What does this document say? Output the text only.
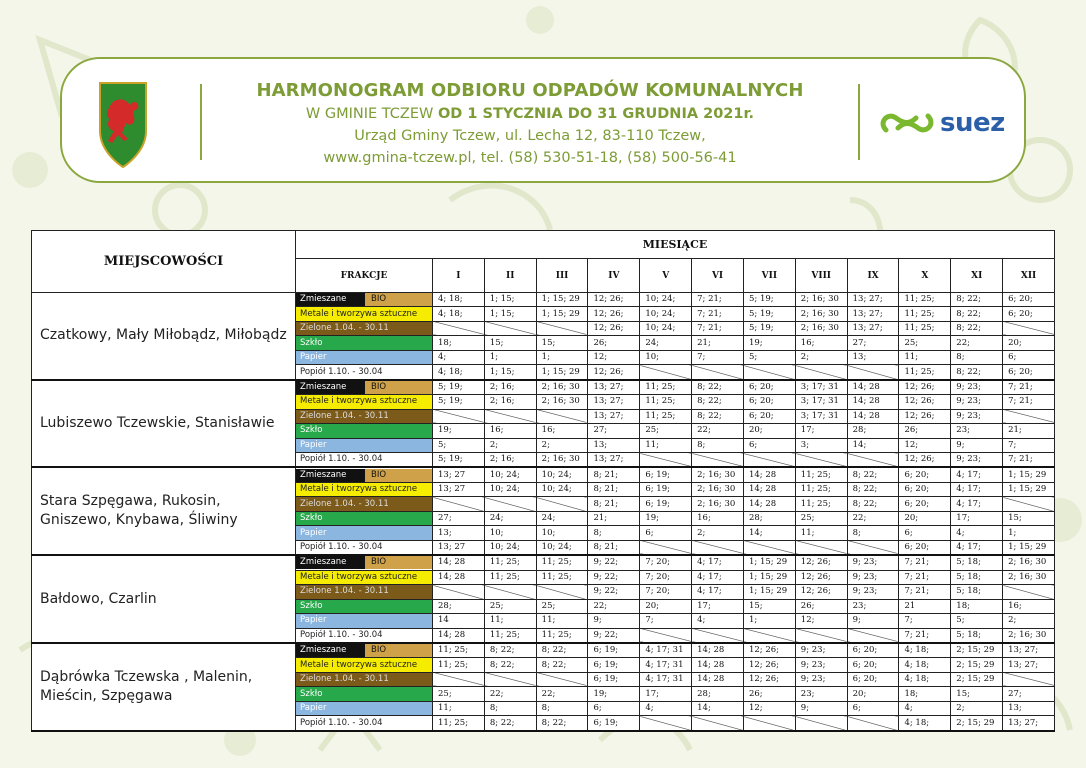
HARMONOGRAM ODBIORU ODPADÓW KOMUNALNYCH
W GMINIE TCZEW OD 1 STYCZNIA DO 31 GRUDNIA 2021r.
Urząd Gminy Tczew, ul. Lecha 12, 83-110 Tczew,
www.gmina-tczew.pl, tel. (58) 530-51-18, (58) 500-56-41
suez
MIEJSCOWOŚCI	MIESIĄCE												
	FRAKCJE	I	II	III	IV	V	VI	VII	VIII	IX	X	XI	XII
Czatkowy, Mały Miłobądz, Miłobądz	Zmieszane BIO	4; 18;	1; 15;	1; 15; 29	12; 26;	10; 24;	7; 21;	5; 19;	2; 16; 30	13; 27;	11; 25;	8; 22;	6; 20;
	Metale i tworzywa sztuczne	4; 18;	1; 15;	1; 15; 29	12; 26;	10; 24;	7; 21;	5; 19;	2; 16; 30	13; 27;	11; 25;	8; 22;	6; 20;
	Zielone 1.04. - 30.11				12; 26;	10; 24;	7; 21;	5; 19;	2; 16; 30	13; 27;	11; 25;	8; 22;	
	Szkło	18;	15;	15;	26;	24;	21;	19;	16;	27;	25;	22;	20;
	Papier	4;	1;	1;	12;	10;	7;	5;	2;	13;	11;	8;	6;
	Popiół 1.10. - 30.04	4; 18;	1; 15;	1; 15; 29	12; 26;						11; 25;	8; 22;	6; 20;
Lubiszewo Tczewskie, Stanisławie	Zmieszane BIO	5; 19;	2; 16;	2; 16; 30	13; 27;	11; 25;	8; 22;	6; 20;	3; 17; 31	14; 28	12; 26;	9; 23;	7; 21;
	Metale i tworzywa sztuczne	5; 19;	2; 16;	2; 16; 30	13; 27;	11; 25;	8; 22;	6; 20;	3; 17; 31	14; 28	12; 26;	9; 23;	7; 21;
	Zielone 1.04. - 30.11				13; 27;	11; 25;	8; 22;	6; 20;	3; 17; 31	14; 28	12; 26;	9; 23;	
	Szkło	19;	16;	16;	27;	25;	22;	20;	17;	28;	26;	23;	21;
	Papier	5;	2;	2;	13;	11;	8;	6;	3;	14;	12;	9;	7;
	Popiół 1.10. - 30.04	5; 19;	2; 16;	2; 16; 30	13; 27;						12; 26;	9; 23;	7; 21;
Stara Szpęgawa, Rukosin, Gniszewo, Knybawa, Śliwiny	Zmieszane BIO	13; 27	10; 24;	10; 24;	8; 21;	6; 19;	2; 16; 30	14; 28	11; 25;	8; 22;	6; 20;	4; 17;	1; 15; 29
	Metale i tworzywa sztuczne	13; 27	10; 24;	10; 24;	8; 21;	6; 19;	2; 16; 30	14; 28	11; 25;	8; 22;	6; 20;	4; 17;	1; 15; 29
	Zielone 1.04. - 30.11				8; 21;	6; 19;	2; 16; 30	14; 28	11; 25;	8; 22;	6; 20;	4; 17;	
	Szkło	27;	24;	24;	21;	19;	16;	28;	25;	22;	20;	17;	15;
	Papier	13;	10;	10;	8;	6;	2;	14;	11;	8;	6;	4;	1;
	Popiół 1.10. - 30.04	13; 27	10; 24;	10; 24;	8; 21;						6; 20;	4; 17;	1; 15; 29
Bałdowo, Czarlin	Zmieszane BIO	14; 28	11; 25;	11; 25;	9; 22;	7; 20;	4; 17;	1; 15; 29	12; 26;	9; 23;	7; 21;	5; 18;	2; 16; 30
	Metale i tworzywa sztuczne	14; 28	11; 25;	11; 25;	9; 22;	7; 20;	4; 17;	1; 15; 29	12; 26;	9; 23;	7; 21;	5; 18;	2; 16; 30
	Zielone 1.04. - 30.11				9; 22;	7; 20;	4; 17;	1; 15; 29	12; 26;	9; 23;	7; 21;	5; 18;	
	Szkło	28;	25;	25;	22;	20;	17;	15;	26;	23;	21	18;	16;
	Papier	14	11;	11;	9;	7;	4;	1;	12;	9;	7;	5;	2;
	Popiół 1.10. - 30.04	14; 28	11; 25;	11; 25;	9; 22;						7; 21;	5; 18;	2; 16; 30
Dąbrówka Tczewska , Malenin, Mieścin, Szpęgawa	Zmieszane BIO	11; 25;	8; 22;	8; 22;	6; 19;	4; 17; 31	14; 28	12; 26;	9; 23;	6; 20;	4; 18;	2; 15; 29	13; 27;
	Metale i tworzywa sztuczne	11; 25;	8; 22;	8; 22;	6; 19;	4; 17; 31	14; 28	12; 26;	9; 23;	6; 20;	4; 18;	2; 15; 29	13; 27;
	Zielone 1.04. - 30.11				6; 19;	4; 17; 31	14; 28	12; 26;	9; 23;	6; 20;	4; 18;	2; 15; 29	
	Szkło	25;	22;	22;	19;	17;	28;	26;	23;	20;	18;	15;	27;
	Papier	11;	8;	8;	6;	4;	14;	12;	9;	6;	4;	2;	13;
	Popiół 1.10. - 30.04	11; 25;	8; 22;	8; 22;	6; 19;						4; 18;	2; 15; 29	13; 27;
